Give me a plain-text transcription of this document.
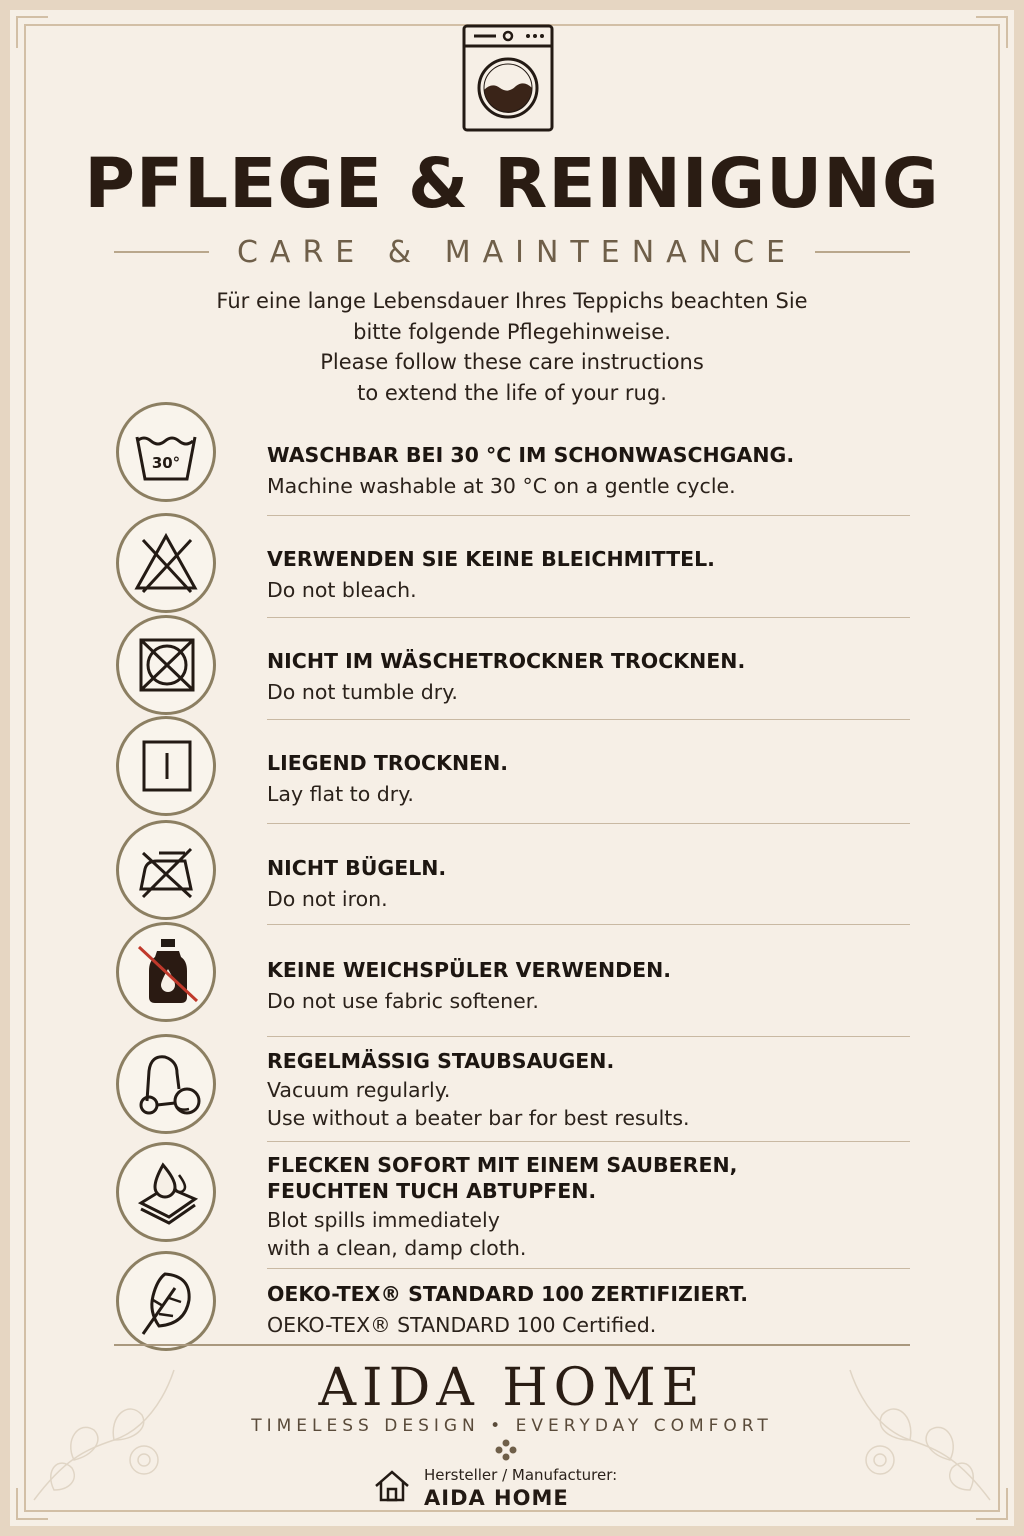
PFLEGE & REINIGUNG
CARE & MAINTENANCE
Für eine lange Lebensdauer Ihres Teppichs beachten Sie
bitte folgende Pflegehinweise.
Please follow these care instructions
to extend the life of your rug.
30°	WASCHBAR BEI 30 °C IM SCHONWASCHGANG.
Machine washable at 30 °C on a gentle cycle.
VERWENDEN SIE KEINE BLEICHMITTEL.
Do not bleach.
NICHT IM WÄSCHETROCKNER TROCKNEN.
Do not tumble dry.
LIEGEND TROCKNEN.
Lay flat to dry.
NICHT BÜGELN.
Do not iron.
KEINE WEICHSPÜLER VERWENDEN.
Do not use fabric softener.
REGELMÄSSIG STAUBSAUGEN.
Vacuum regularly.
Use without a beater bar for best results.
FLECKEN SOFORT MIT EINEM SAUBEREN,
FEUCHTEN TUCH ABTUPFEN.
Blot spills immediately
with a clean, damp cloth.
OEKO-TEX® STANDARD 100 ZERTIFIZIERT.
OEKO-TEX® STANDARD 100 Certified.
AIDA HOME
TIMELESS DESIGN • EVERYDAY COMFORT
Hersteller / Manufacturer:
AIDA HOME
